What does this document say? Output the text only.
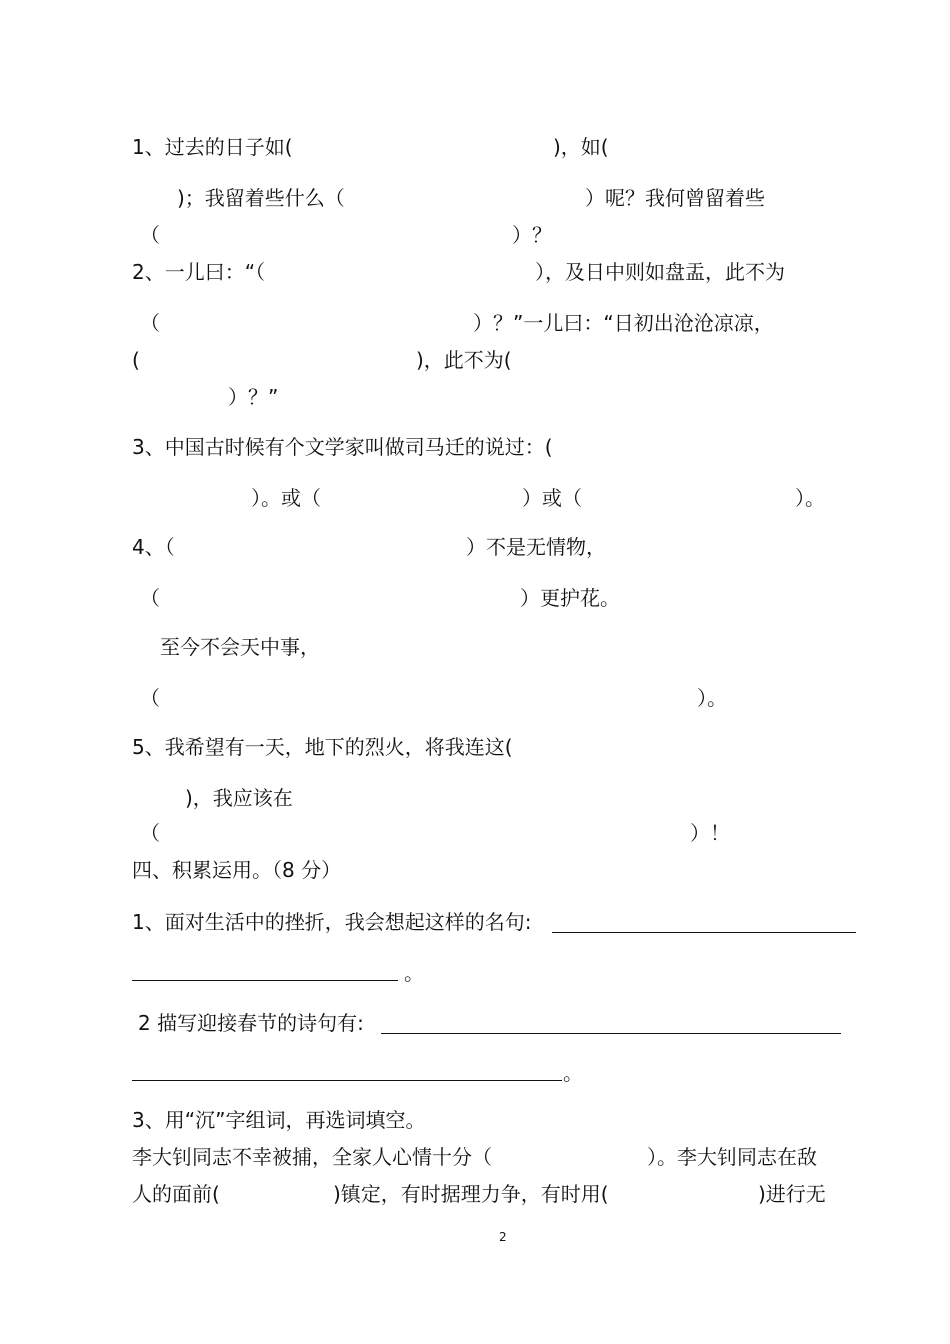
1、过去的日子如(	)，如(
)；我留着些什么（	）呢？我何曾留着些
（	）？
2、一儿曰：“（	），及日中则如盘盂，此不为
（	）？”一儿曰：“日初出沧沧凉凉，
(	)，此不为(
）？”
3、中国古时候有个文学家叫做司马迁的说过：(
）。或（	）或（	）。
4、（	）不是无情物，
（	）更护花。
至今不会天中事，
（	）。
5、我希望有一天，地下的烈火，将我连这(
)，我应该在
（	）！
四、积累运用。（8 分）
1、面对生活中的挫折，我会想起这样的名句:
。
2 描写迎接春节的诗句有:
。
3、用“沉”字组词，再选词填空。
李大钊同志不幸被捕，全家人心情十分（	）。李大钊同志在敌
人的面前(	)镇定，有时据理力争，有时用(	)进行无
2
